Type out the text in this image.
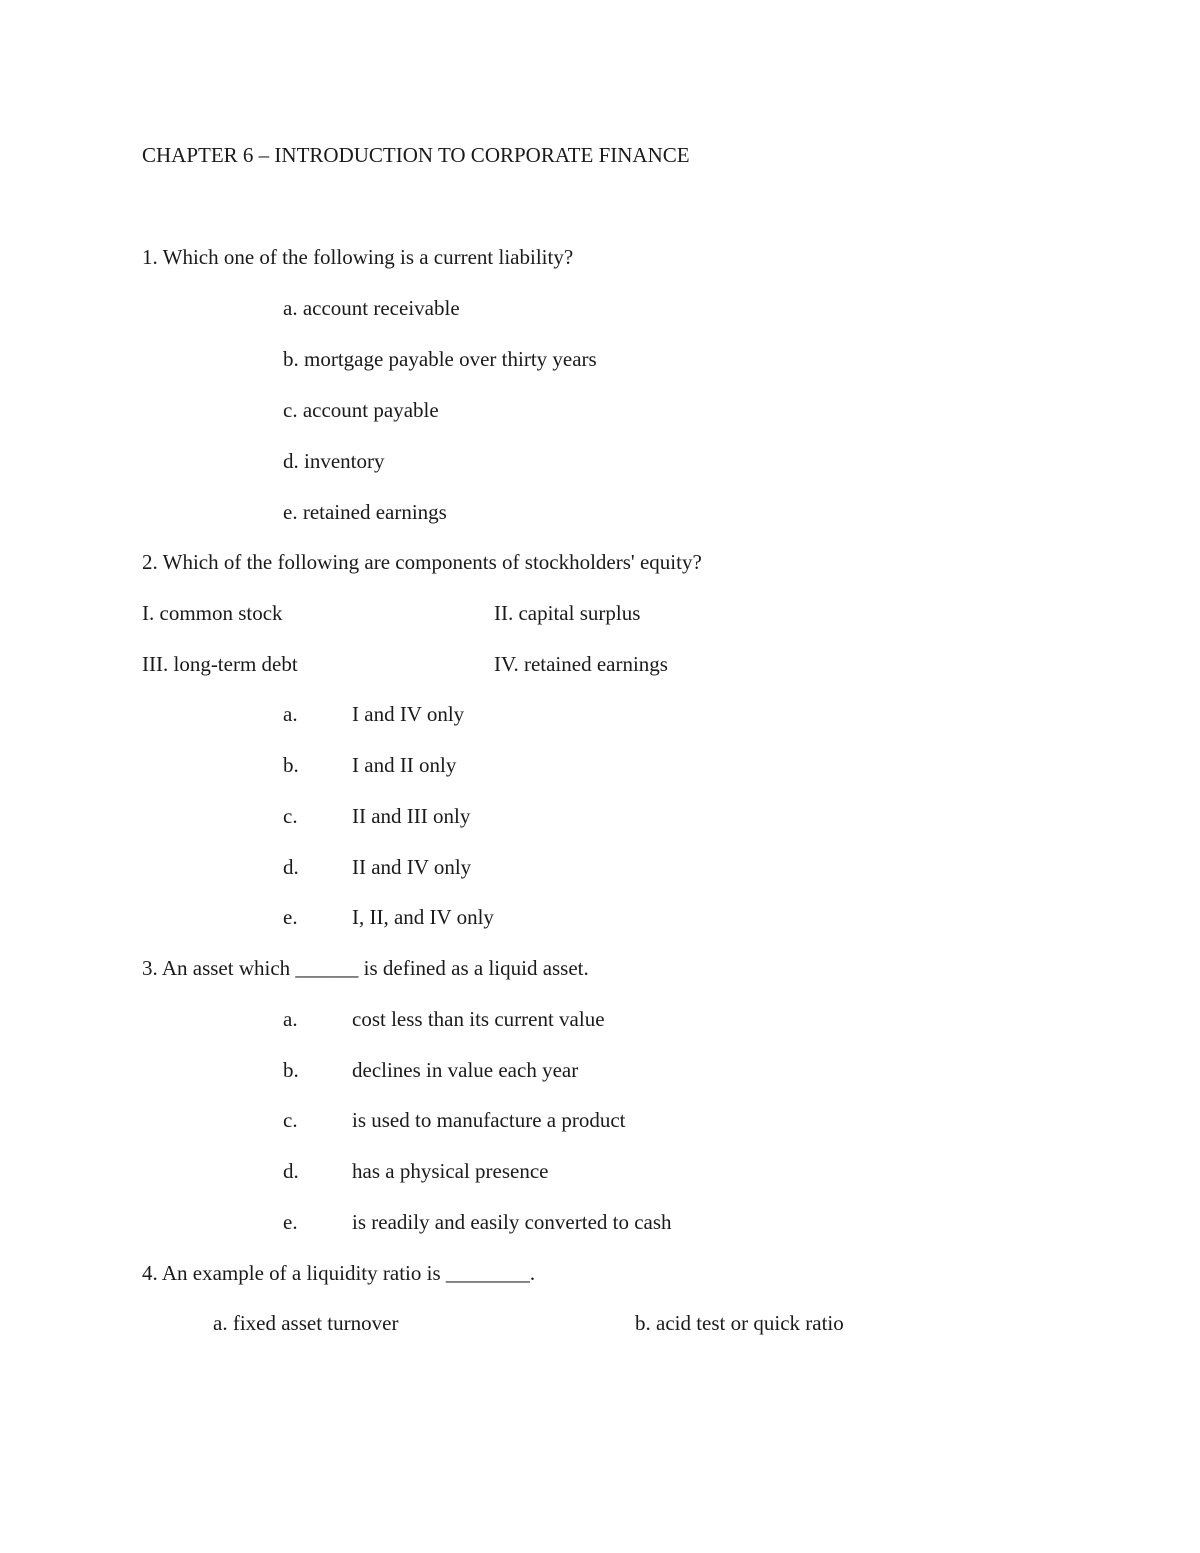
CHAPTER 6 – INTRODUCTION TO CORPORATE FINANCE
1. Which one of the following is a current liability?
a. account receivable
b. mortgage payable over thirty years
c. account payable
d. inventory
e. retained earnings
2. Which of the following are components of stockholders' equity?
I. common stock	II. capital surplus
III. long-term debt	IV. retained earnings
a.	I and IV only
b.	I and II only
c.	II and III only
d.	II and IV only
e.	I, II, and IV only
3. An asset which ______ is defined as a liquid asset.
a.	cost less than its current value
b.	declines in value each year
c.	is used to manufacture a product
d.	has a physical presence
e.	is readily and easily converted to cash
4. An example of a liquidity ratio is ________.
a. fixed asset turnover	b. acid test or quick ratio
